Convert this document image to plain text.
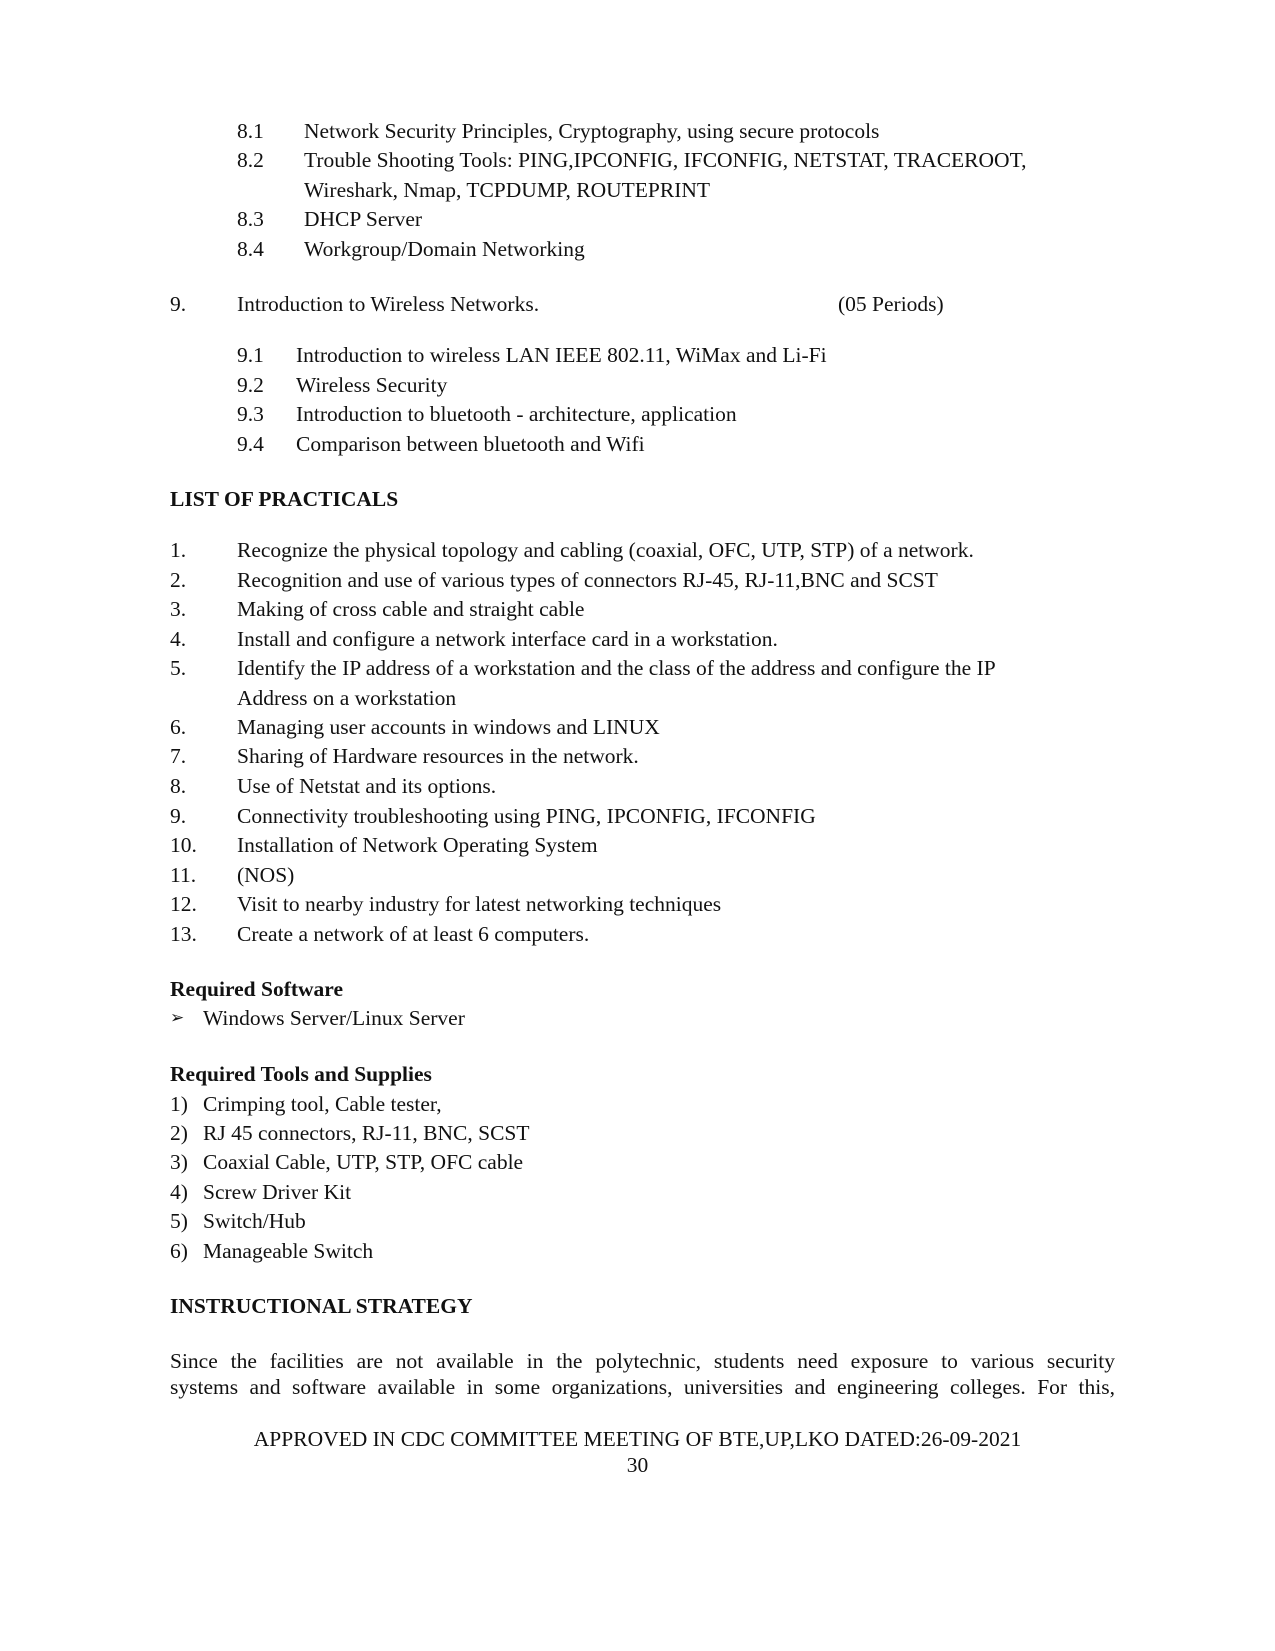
8.1 Network Security Principles, Cryptography, using secure protocols
8.2 Trouble Shooting Tools: PING,IPCONFIG, IFCONFIG, NETSTAT, TRACEROOT,
Wireshark, Nmap, TCPDUMP, ROUTEPRINT
8.3 DHCP Server
8.4 Workgroup/Domain Networking
9. Introduction to Wireless Networks.	(05 Periods)
9.1 Introduction to wireless LAN IEEE 802.11, WiMax and Li-Fi
9.2 Wireless Security
9.3 Introduction to bluetooth - architecture, application
9.4 Comparison between bluetooth and Wifi
LIST OF PRACTICALS
1. Recognize the physical topology and cabling (coaxial, OFC, UTP, STP) of a network.
2. Recognition and use of various types of connectors RJ-45, RJ-11,BNC and SCST
3. Making of cross cable and straight cable
4. Install and configure a network interface card in a workstation.
5. Identify the IP address of a workstation and the class of the address and configure the IP
Address on a workstation
6. Managing user accounts in windows and LINUX
7. Sharing of Hardware resources in the network.
8. Use of Netstat and its options.
9. Connectivity troubleshooting using PING, IPCONFIG, IFCONFIG
10. Installation of Network Operating System
11. (NOS)
12. Visit to nearby industry for latest networking techniques
13. Create a network of at least 6 computers.
Required Software
➢ Windows Server/Linux Server
Required Tools and Supplies
1) Crimping tool, Cable tester,
2) RJ 45 connectors, RJ-11, BNC, SCST
3) Coaxial Cable, UTP, STP, OFC cable
4) Screw Driver Kit
5) Switch/Hub
6) Manageable Switch
INSTRUCTIONAL STRATEGY
Since the facilities are not available in the polytechnic, students need exposure to various security
systems and software available in some organizations, universities and engineering colleges. For this,
APPROVED IN CDC COMMITTEE MEETING OF BTE,UP,LKO DATED:26-09-2021
30
